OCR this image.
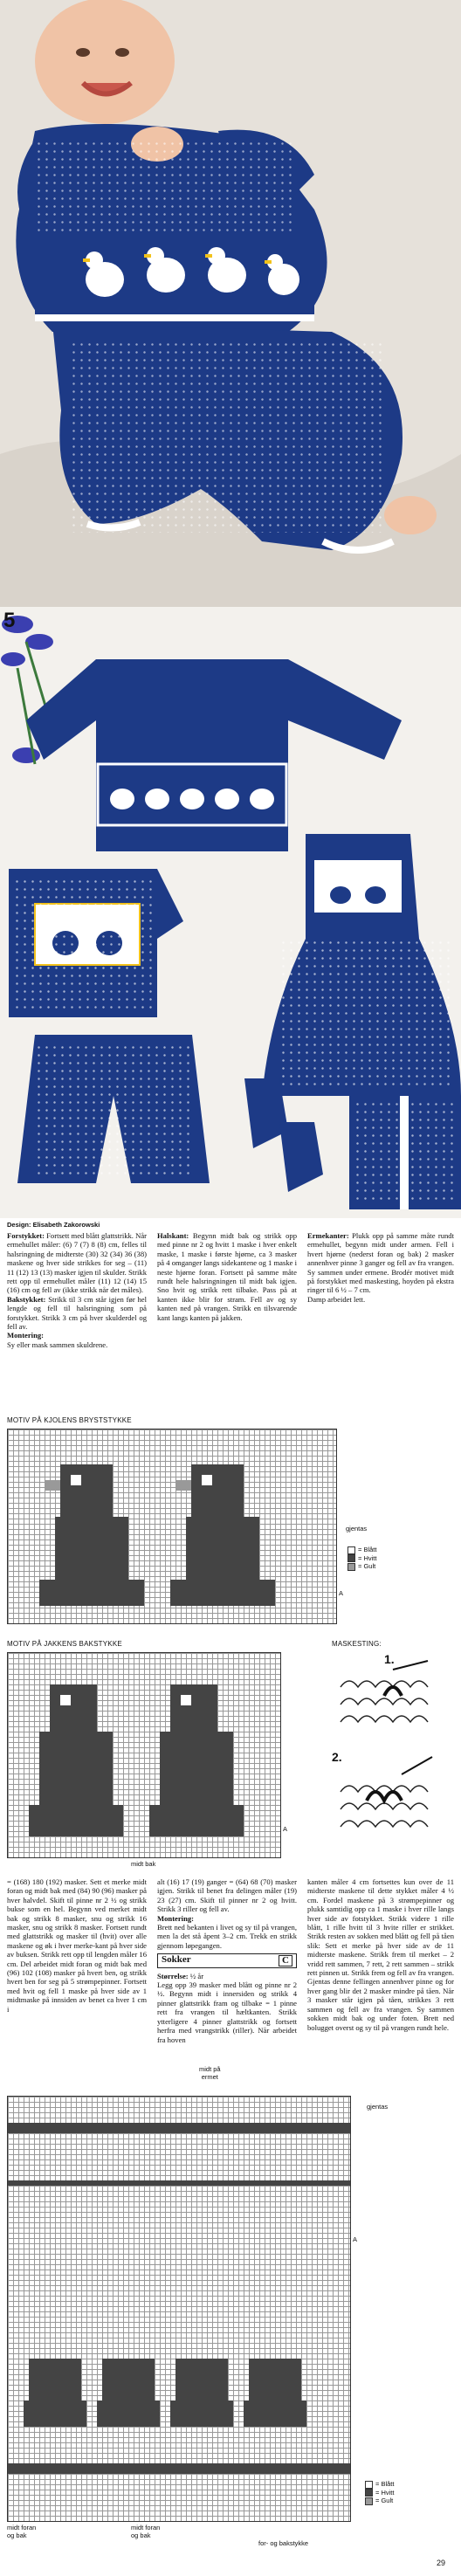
5
Design: Elisabeth Zakorowski
Forstykket: Fortsett med blått glattstrikk. Når ermehullet måler: (6) 7 (7) 8 (8) cm, felles til halsringning de midterste (30) 32 (34) 36 (38) maskene og hver side strikkes for seg – (11) 11 (12) 13 (13) masker igjen til skulder. Strikk rett opp til ermehullet måler (11) 12 (14) 15 (16) cm og fell av (ikke strikk når det måles).
Bakstykket: Strikk til 3 cm står igjen før hel lengde og fell til halsringning som på forstykket. Strikk 3 cm på hver skulderdel og fell av.
Montering:
Sy eller mask sammen skuldrene.
Halskant: Begynn midt bak og strikk opp med pinne nr 2 og hvitt 1 maske i hver enkelt maske, 1 maske i første hjørne, ca 3 masker på 4 omganger langs sidekantene og 1 maske i neste hjørne foran. Fortsett på samme måte rundt hele halsringningen til midt bak igjen. Sno hvit og strikk rett tilbake. Pass på at kanten ikke blir for stram. Fell av og sy kanten ned på vrangen. Strikk en tilsvarende kant langs kanten på jakken.
Ermekanter: Plukk opp på samme måte rundt ermehullet, begynn midt under armen. Fell i hvert hjørne (nederst foran og bak) 2 masker annenhver pinne 3 ganger og fell av fra vrangen. Sy sammen under ermene. Brodér motivet midt på forstykket med maskesting, hoyden på ekstra ringer til 6 ½ – 7 cm.
Damp arbeidet lett.
MOTIV PÅ KJOLENS BRYSTSTYKKE
gjentas
= Blått
= Hvitt
= Gult
A
MOTIV PÅ JAKKENS BAKSTYKKE
midt bak
A
MASKESTING:
1.
2.
= (168) 180 (192) masker. Sett et merke midt foran og midt bak med (84) 90 (96) masker på hver halvdel. Skift til pinne nr 2 ½ og strikk bukse som en hel. Begynn ved merket midt bak og strikk 8 masker, snu og strikk 16 masker, snu og strikk 8 masker. Fortsett rundt med glattstrikk og masker til (hvit) over alle maskene og øk i hver merke-kant på hver side av buksen. Strikk rett opp til lengden måler 16 cm. Del arbeidet midt foran og midt bak med (96) 102 (108) masker på hvert ben, og strikk hvert ben for seg på 5 strømpepinner. Fortsett med hvit og fell 1 maske på hver side av 1 midtmaske på innsiden av benet ca hver 1 cm i
alt (16) 17 (19) ganger = (64) 68 (70) masker igjen. Strikk til benet fra delingen måler (19) 23 (27) cm. Skift til pinner nr 2 og hvitt. Strikk 3 riller og fell av.
Montering:
Brett ned bekanten i livet og sy til på vrangen, men la det stå åpent 3–2 cm. Trekk en strikk gjennom løpegangen.
Sokker	C
Størrelse: ½ år
Legg opp 39 masker med blått og pinne nr 2 ½. Begynn midt i innersiden og strikk 4 pinner glattstrikk fram og tilbake = 1 pinne rett fra vrangen til hæltkanten. Strikk ytterligere 4 pinner glattstrikk og fortsett herfra med vrangstrikk (riller). Når arbeidet fra hoven
kanten måler 4 cm fortsettes kun over de 11 midterste maskene til dette stykket måler 4 ½ cm. Fordel maskene på 3 strømpepinner og plukk samtidig opp ca 1 maske i hver rille langs hver side av fotstykket. Strikk videre 1 rille blått, 1 rille hvitt til 3 hvite riller er strikket. Strikk resten av sokken med blått og fell på tåen slik: Sett et merke på hver side av de 11 midterste maskene. Strikk frem til merket – 2 vridd rett sammen, 7 rett, 2 rett sammen – strikk rett pinnen ut. Strikk frem og fell av fra vrangen. Gjentas denne fellingen annenhver pinne og for hver gang blir det 2 masker mindre på tåen. Når 3 masker står igjen på tåen, strikkes 3 rett sammen og fell av fra vrangen. Sy sammen sokken midt bak og under foten. Brett ned bolugget overst og sy til på vrangen rundt hele.
midt på
ermet
gjentas
A
= Blått
= Hvitt
= Gult
midt foran
og bak
midt foran
og bak
for- og bakstykke
29
